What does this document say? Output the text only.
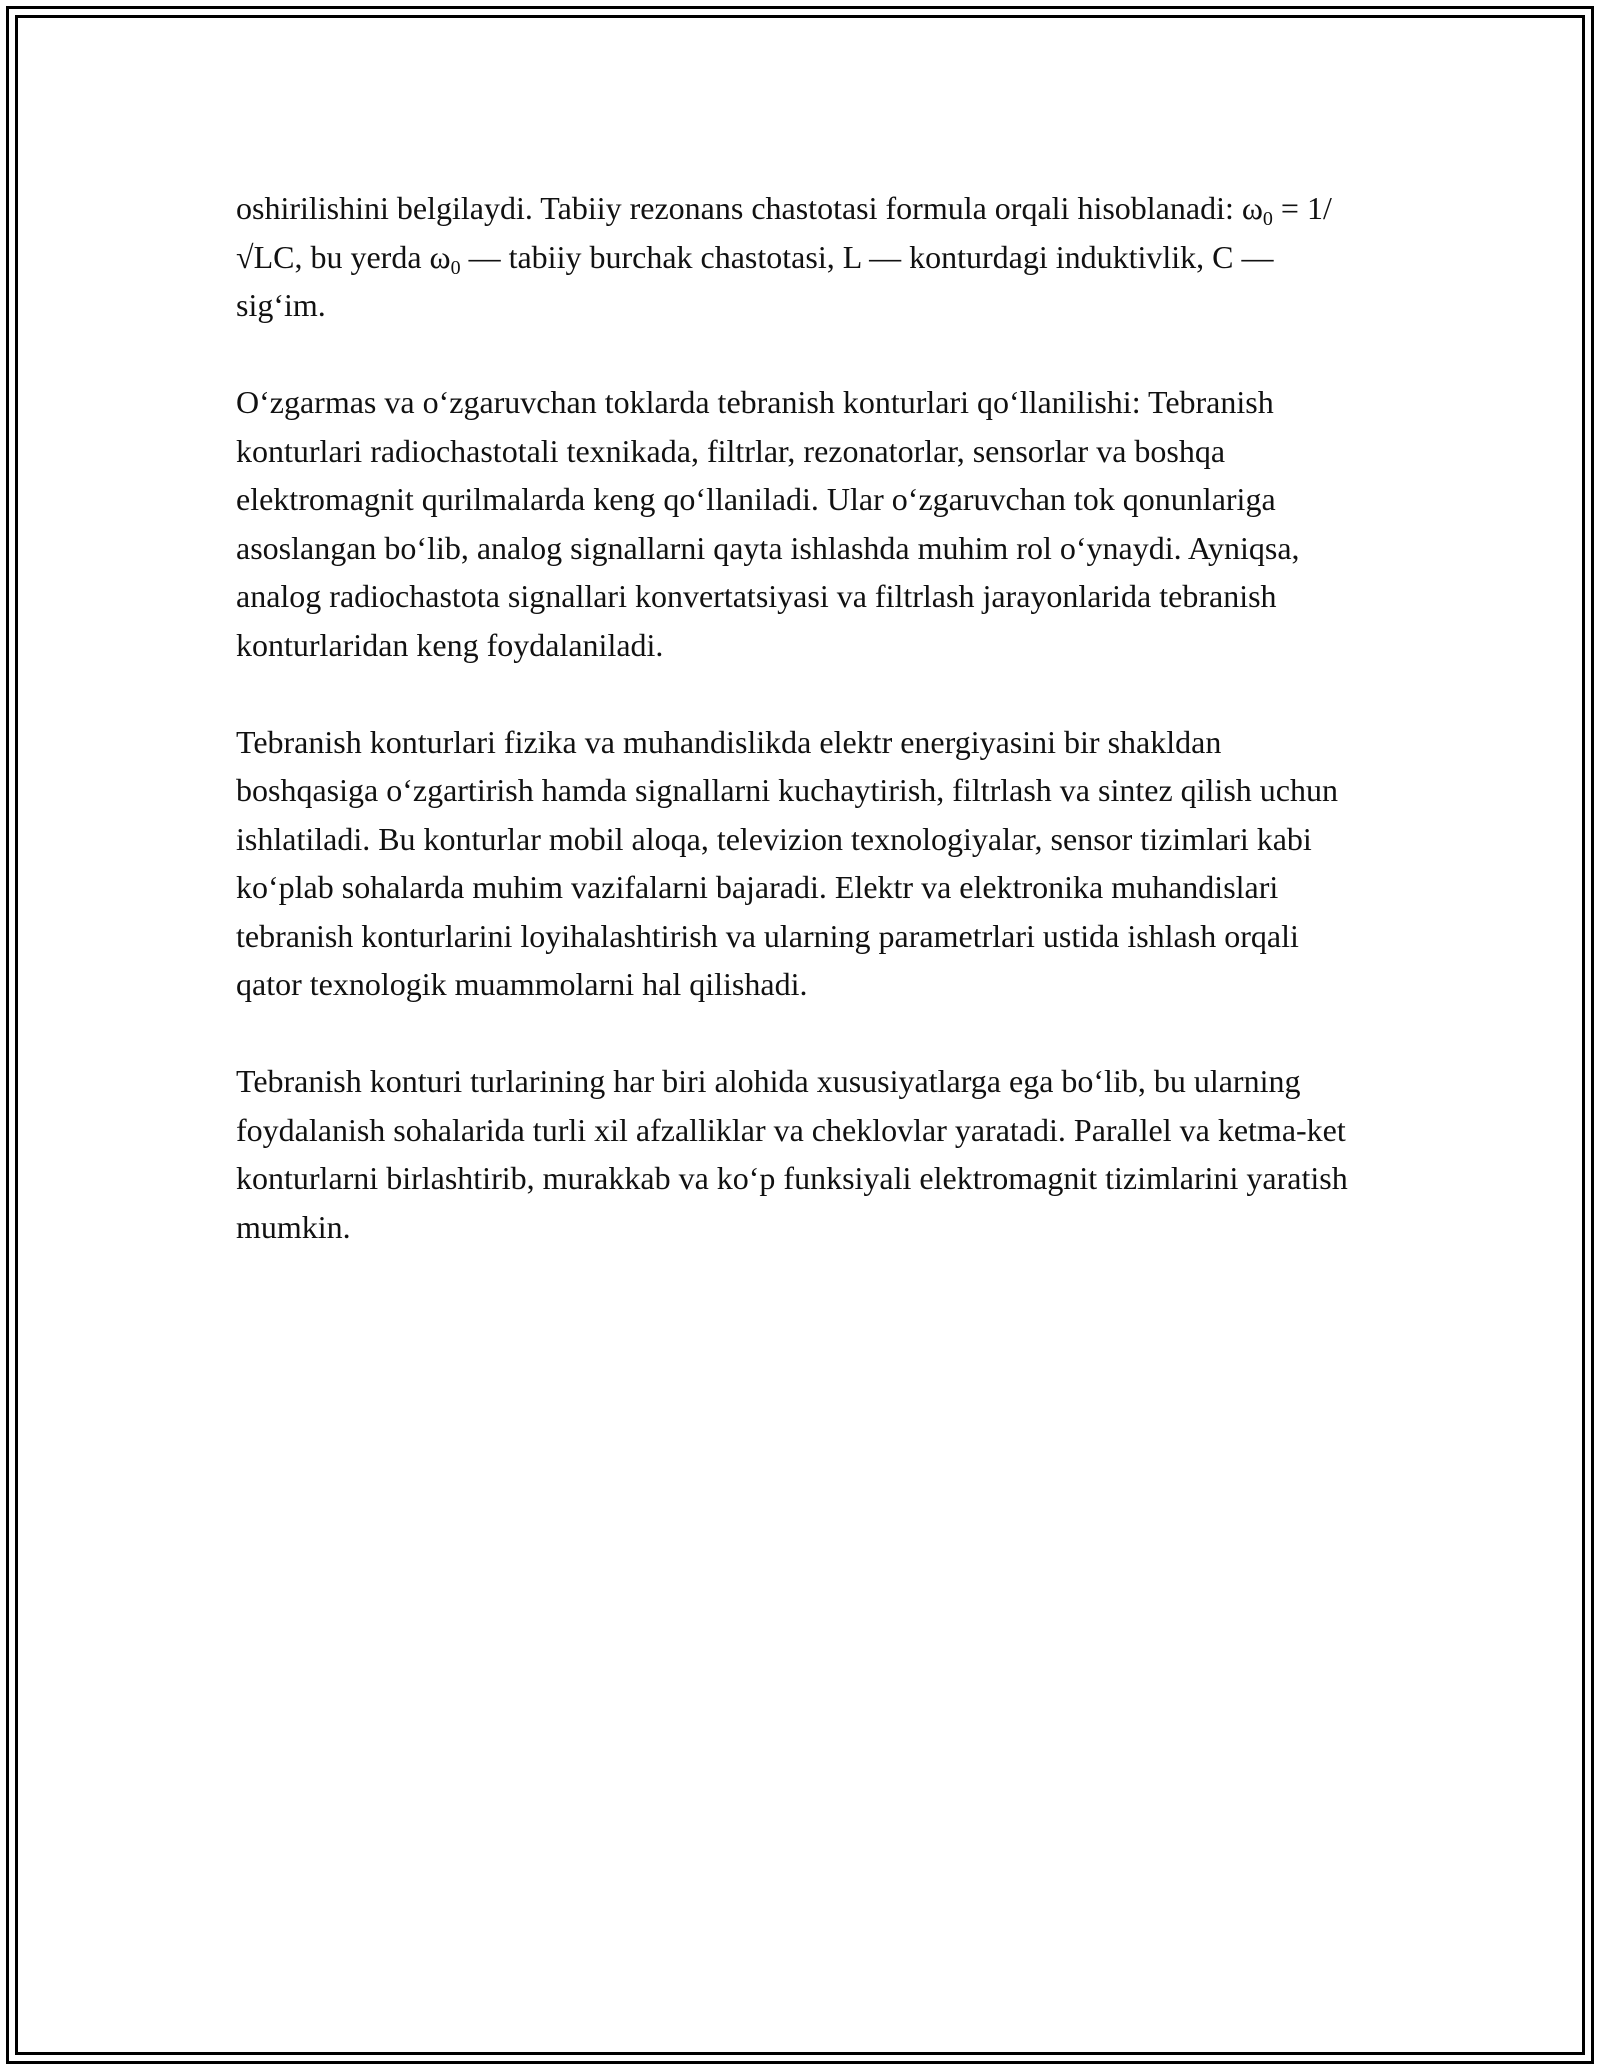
oshirilishini belgilaydi. Tabiiy rezonans chastotasi formula orqali hisoblanadi: $\omega_0 = 1/√LC$, bu yerda $\omega_0$ — tabiiy burchak chastotasi, L — konturdagi induktivlik, C — sig‘im.

O‘zgarmas va o‘zgaruvchan toklarda tebranish konturlari qo‘llanilishi: Tebranish konturlari radiochastotali texnikada, filtrlar, rezonatorlar, sensorlar va boshqa elektromagnit qurilmalarda keng qo‘llaniladi. Ular o‘zgaruvchan tok qonunlariga asoslangan bo‘lib, analog signallarni qayta ishlashda muhim rol o‘ynaydi. Ayniqsa, analog radiochastota signallari konvertatsiyasi va filtrlash jarayonlarida tebranish konturlaridan keng foydalaniladi.

Tebranish konturlari fizika va muhandislikda elektr energiyasini bir shakldan boshqasiga o‘zgartirish hamda signallarni kuchaytirish, filtrlash va sintez qilish uchun ishlatiladi. Bu konturlar mobil aloqa, televizion texnologiyalar, sensor tizimlari kabi ko‘plab sohalarda muhim vazifalarni bajaradi. Elektr va elektronika muhandislari tebranish konturlarini loyihalashtirish va ularning parametrlari ustida ishlash orqali qator texnologik muammolarni hal qilishadi.

Tebranish konturi turlarining har biri alohida xususiyatlarga ega bo‘lib, bu ularning foydalanish sohalarida turli xil afzalliklar va cheklovlar yaratadi. Parallel va ketma-ket konturlarni birlashtirib, murakkab va ko‘p funksiyali elektromagnit tizimlarini yaratish mumkin.
